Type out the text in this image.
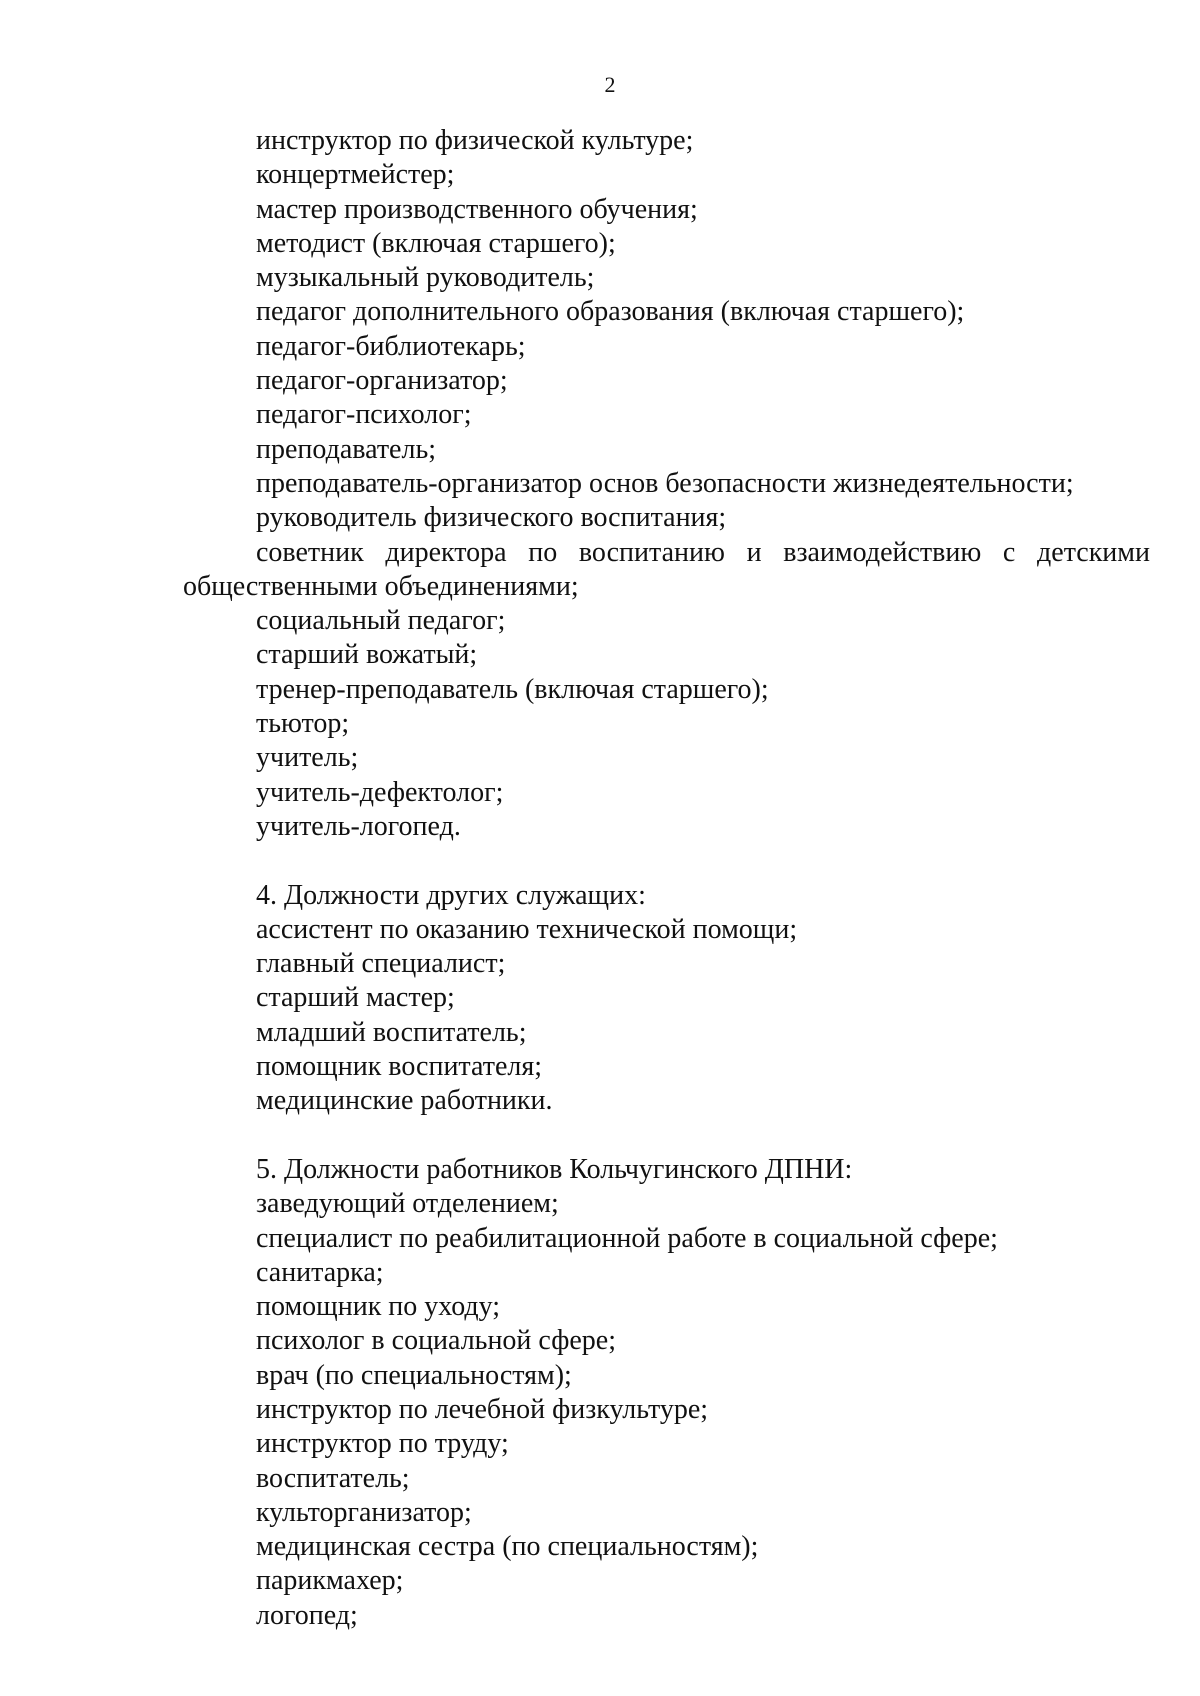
2
инструктор по физической культуре;
концертмейстер;
мастер производственного обучения;
методист (включая старшего);
музыкальный руководитель;
педагог дополнительного образования (включая старшего);
педагог-библиотекарь;
педагог-организатор;
педагог-психолог;
преподаватель;
преподаватель-организатор основ безопасности жизнедеятельности;
руководитель физического воспитания;
советник директора по воспитанию и взаимодействию с детскими общественными объединениями;
социальный педагог;
старший вожатый;
тренер-преподаватель (включая старшего);
тьютор;
учитель;
учитель-дефектолог;
учитель-логопед.
4. Должности других служащих:
ассистент по оказанию технической помощи;
главный специалист;
старший мастер;
младший воспитатель;
помощник воспитателя;
медицинские работники.
5. Должности работников Кольчугинского ДПНИ:
заведующий отделением;
специалист по реабилитационной работе в социальной сфере;
санитарка;
помощник по уходу;
психолог в социальной сфере;
врач (по специальностям);
инструктор по лечебной физкультуре;
инструктор по труду;
воспитатель;
культорганизатор;
медицинская сестра (по специальностям);
парикмахер;
логопед;
